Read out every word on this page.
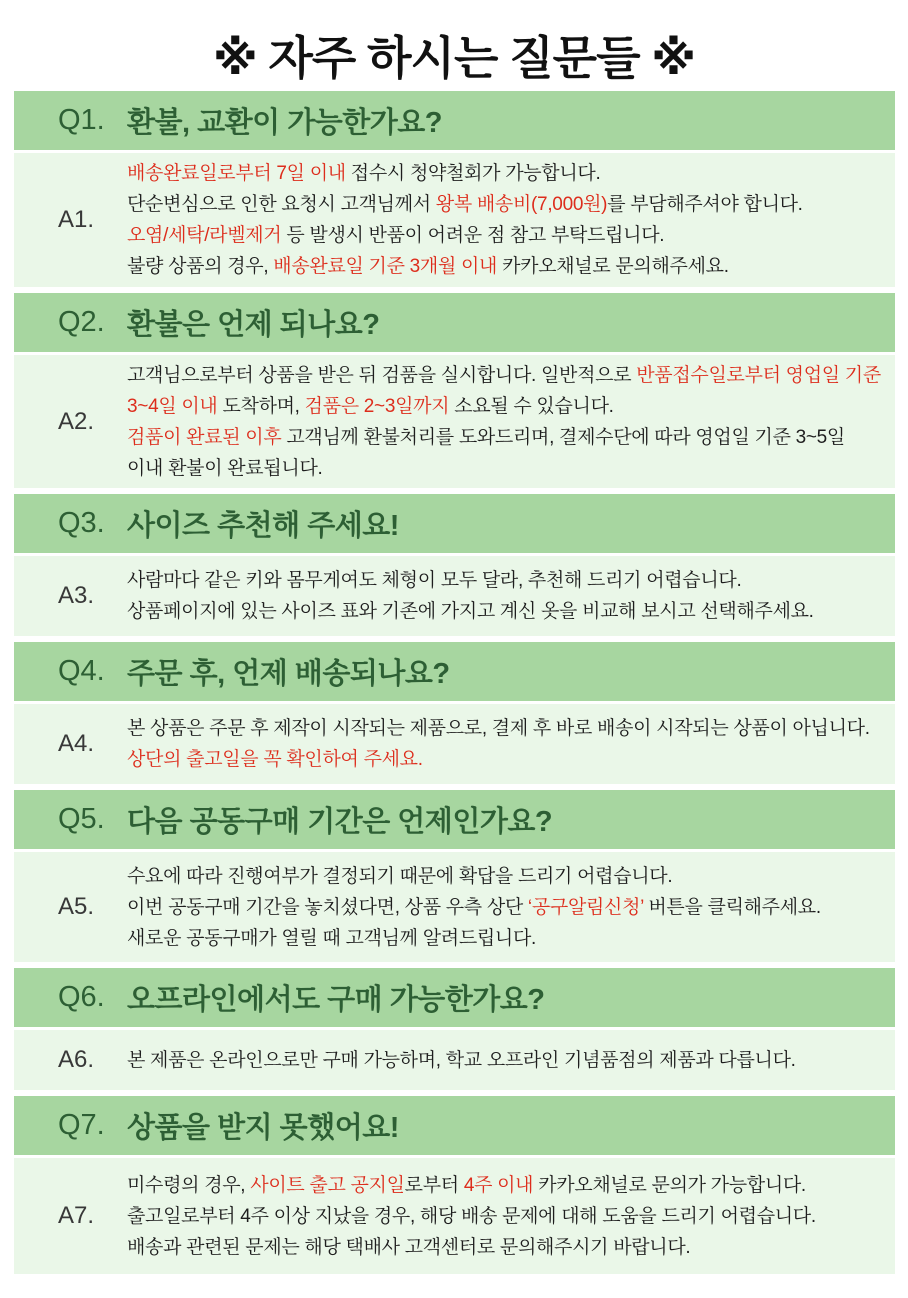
※ 자주 하시는 질문들 ※
Q1. 환불, 교환이 가능한가요?
A1.
배송완료일로부터 7일 이내 접수시 청약철회가 가능합니다.
단순변심으로 인한 요청시 고객님께서 왕복 배송비(7,000원)를 부담해주셔야 합니다.
오염/세탁/라벨제거 등 발생시 반품이 어려운 점 참고 부탁드립니다.
불량 상품의 경우, 배송완료일 기준 3개월 이내 카카오채널로 문의해주세요.
Q2. 환불은 언제 되나요?
A2.
고객님으로부터 상품을 받은 뒤 검품을 실시합니다. 일반적으로 반품접수일로부터 영업일 기준
3~4일 이내 도착하며, 검품은 2~3일까지 소요될 수 있습니다.
검품이 완료된 이후 고객님께 환불처리를 도와드리며, 결제수단에 따라 영업일 기준 3~5일
이내 환불이 완료됩니다.
Q3. 사이즈 추천해 주세요!
A3.
사람마다 같은 키와 몸무게여도 체형이 모두 달라, 추천해 드리기 어렵습니다.
상품페이지에 있는 사이즈 표와 기존에 가지고 계신 옷을 비교해 보시고 선택해주세요.
Q4. 주문 후, 언제 배송되나요?
A4.
본 상품은 주문 후 제작이 시작되는 제품으로, 결제 후 바로 배송이 시작되는 상품이 아닙니다.
상단의 출고일을 꼭 확인하여 주세요.
Q5. 다음 공동구매 기간은 언제인가요?
A5.
수요에 따라 진행여부가 결정되기 때문에 확답을 드리기 어렵습니다.
이번 공동구매 기간을 놓치셨다면, 상품 우측 상단 ‘공구알림신청’ 버튼을 클릭해주세요.
새로운 공동구매가 열릴 때 고객님께 알려드립니다.
Q6. 오프라인에서도 구매 가능한가요?
A6.	본 제품은 온라인으로만 구매 가능하며, 학교 오프라인 기념품점의 제품과 다릅니다.
Q7. 상품을 받지 못했어요!
A7.
미수령의 경우, 사이트 출고 공지일로부터 4주 이내 카카오채널로 문의가 가능합니다.
출고일로부터 4주 이상 지났을 경우, 해당 배송 문제에 대해 도움을 드리기 어렵습니다.
배송과 관련된 문제는 해당 택배사 고객센터로 문의해주시기 바랍니다.
